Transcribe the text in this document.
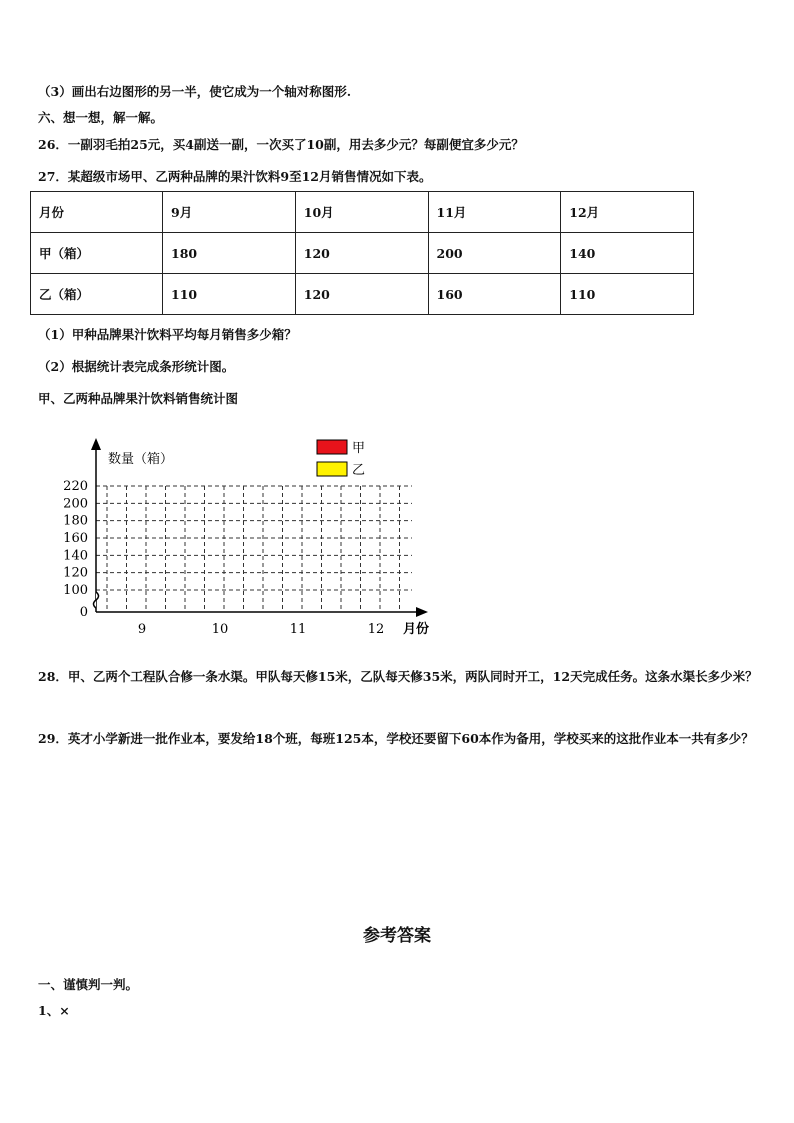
（3）画出右边图形的另一半，使它成为一个轴对称图形.
六、想一想，解一解。
26．一副羽毛拍25元，买4副送一副，一次买了10副，用去多少元？每副便宜多少元？
27．某超级市场甲、乙两种品牌的果汁饮料9至12月销售情况如下表。
月份	9月	10月	11月	12月
甲（箱）	180	120	200	140
乙（箱）	110	120	160	110
（1）甲种品牌果汁饮料平均每月销售多少箱？
（2）根据统计表完成条形统计图。
甲、乙两种品牌果汁饮料销售统计图
数量（箱）
月份
220
200
180
160
140
120
100
0
9	10	11	12
甲
乙
28．甲、乙两个工程队合修一条水渠。甲队每天修15米，乙队每天修35米，两队同时开工，12天完成任务。这条水渠长多少米？
29．英才小学新进一批作业本，要发给18个班，每班125本，学校还要留下60本作为备用，学校买来的这批作业本一共有多少？
参考答案
一、谨慎判一判。
1、×
